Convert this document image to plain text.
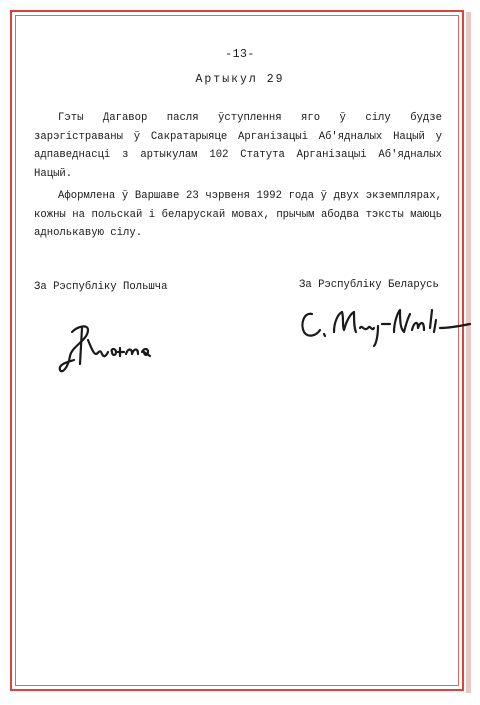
-13-
Артыкул 29

Гэты Дагавор пасля ўступлення яго ў сілу будзе зарэгістраваны ў Сакратарыяце Арганізацыі Аб'ядналых Нацый у адпаведнасці з артыкулам 102 Статута Арганізацыі Аб'ядналых Нацый.

Аформлена ў Варшаве 23 чэрвеня 1992 года ў двух экземплярах, кожны на польскай і беларускай мовах, прычым абодва тэксты маюць аднолькавую сілу.

За Рэспубліку Польшча	За Рэспубліку Беларусь
